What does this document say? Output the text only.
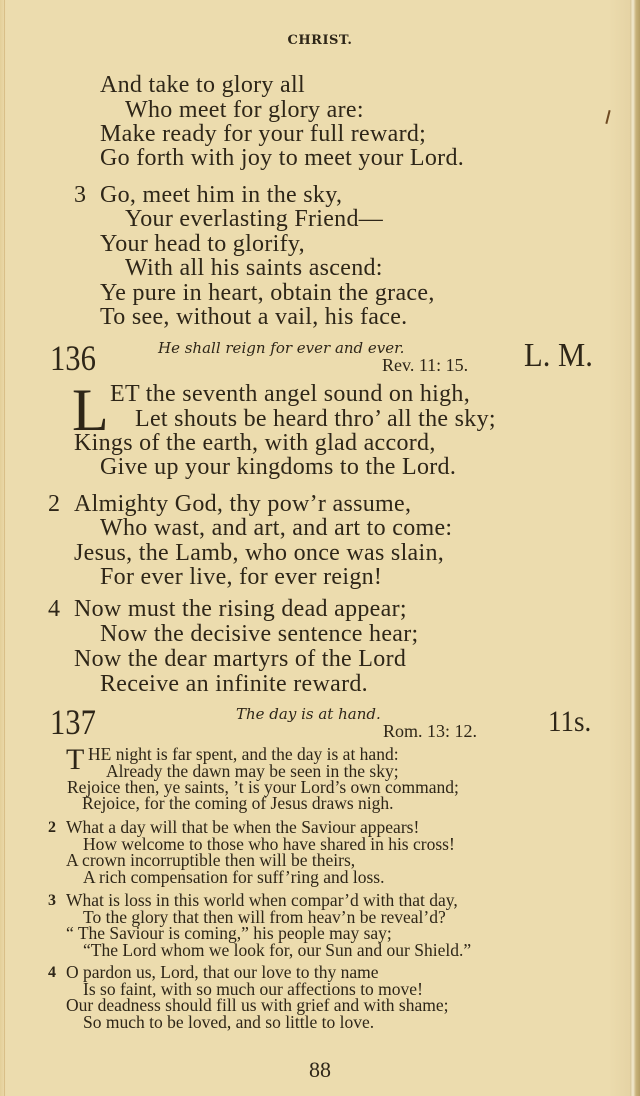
CHRIST.
And take to glory all
Who meet for glory are:
Make ready for your full reward;
Go forth with joy to meet your Lord.
3 Go, meet him in the sky,
Your everlasting Friend—
Your head to glorify,
With all his saints ascend:
Ye pure in heart, obtain the grace,
To see, without a vail, his face.
136	He shall reign for ever and ever.
Rev. 11: 15. L. M.
L ET the seventh angel sound on high,
Let shouts be heard thro’ all the sky;
Kings of the earth, with glad accord,
Give up your kingdoms to the Lord.
2 Almighty God, thy pow’r assume,
Who wast, and art, and art to come:
Jesus, the Lamb, who once was slain,
For ever live, for ever reign!
4 Now must the rising dead appear;
Now the decisive sentence hear;
Now the dear martyrs of the Lord
Receive an infinite reward.
137	The day is at hand.
Rom. 13: 12. 11s.
T HE night is far spent, and the day is at hand:
Already the dawn may be seen in the sky;
Rejoice then, ye saints, ’t is your Lord’s own command;
Rejoice, for the coming of Jesus draws nigh.
2 What a day will that be when the Saviour appears!
How welcome to those who have shared in his cross!
A crown incorruptible then will be theirs,
A rich compensation for suff’ring and loss.
3 What is loss in this world when compar’d with that day,
To the glory that then will from heav’n be reveal’d?
“ The Saviour is coming,” his people may say;
“The Lord whom we look for, our Sun and our Shield.”
4 O pardon us, Lord, that our love to thy name
Is so faint, with so much our affections to move!
Our deadness should fill us with grief and with shame;
So much to be loved, and so little to love.
88
